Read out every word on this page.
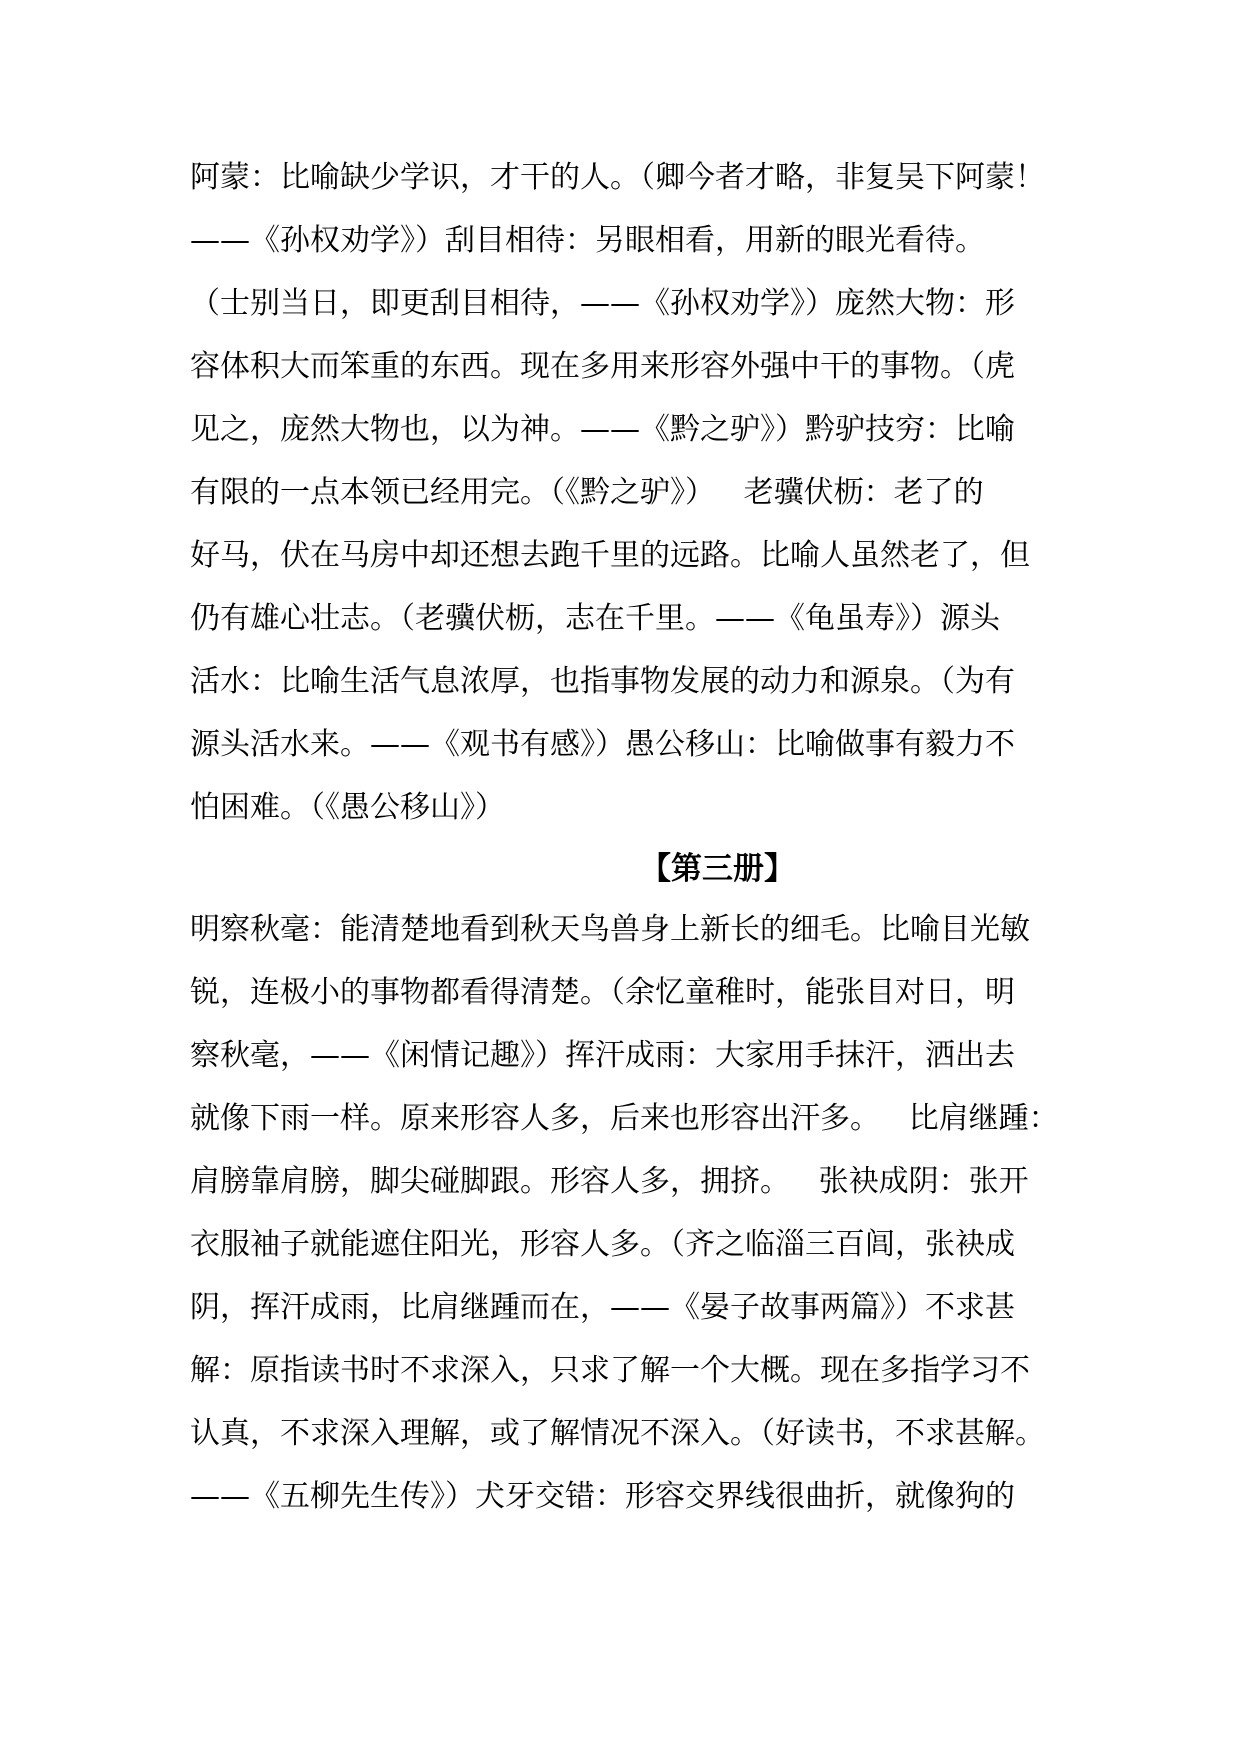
阿蒙：比喻缺少学识，才干的人。（卿今者才略，非复吴下阿蒙！
——《孙权劝学》）刮目相待：另眼相看，用新的眼光看待。
（士别当日，即更刮目相待，——《孙权劝学》）庞然大物：形
容体积大而笨重的东西。现在多用来形容外强中干的事物。（虎
见之，庞然大物也，以为神。——《黔之驴》）黔驴技穷：比喻
有限的一点本领已经用完。（《黔之驴》）   老骥伏枥：老了的
好马，伏在马房中却还想去跑千里的远路。比喻人虽然老了，但
仍有雄心壮志。（老骥伏枥，志在千里。——《龟虽寿》）源头
活水：比喻生活气息浓厚，也指事物发展的动力和源泉。（为有
源头活水来。——《观书有感》）愚公移山：比喻做事有毅力不
怕困难。（《愚公移山》）
【第三册】
明察秋毫：能清楚地看到秋天鸟兽身上新长的细毛。比喻目光敏
锐，连极小的事物都看得清楚。（余忆童稚时，能张目对日，明
察秋毫，——《闲情记趣》）挥汗成雨：大家用手抹汗，洒出去
就像下雨一样。原来形容人多，后来也形容出汗多。   比肩继踵：
肩膀靠肩膀，脚尖碰脚跟。形容人多，拥挤。   张袂成阴：张开
衣服袖子就能遮住阳光，形容人多。（齐之临淄三百闾，张袂成
阴，挥汗成雨，比肩继踵而在，——《晏子故事两篇》）不求甚
解：原指读书时不求深入，只求了解一个大概。现在多指学习不
认真，不求深入理解，或了解情况不深入。（好读书，不求甚解。
——《五柳先生传》）犬牙交错：形容交界线很曲折，就像狗的
